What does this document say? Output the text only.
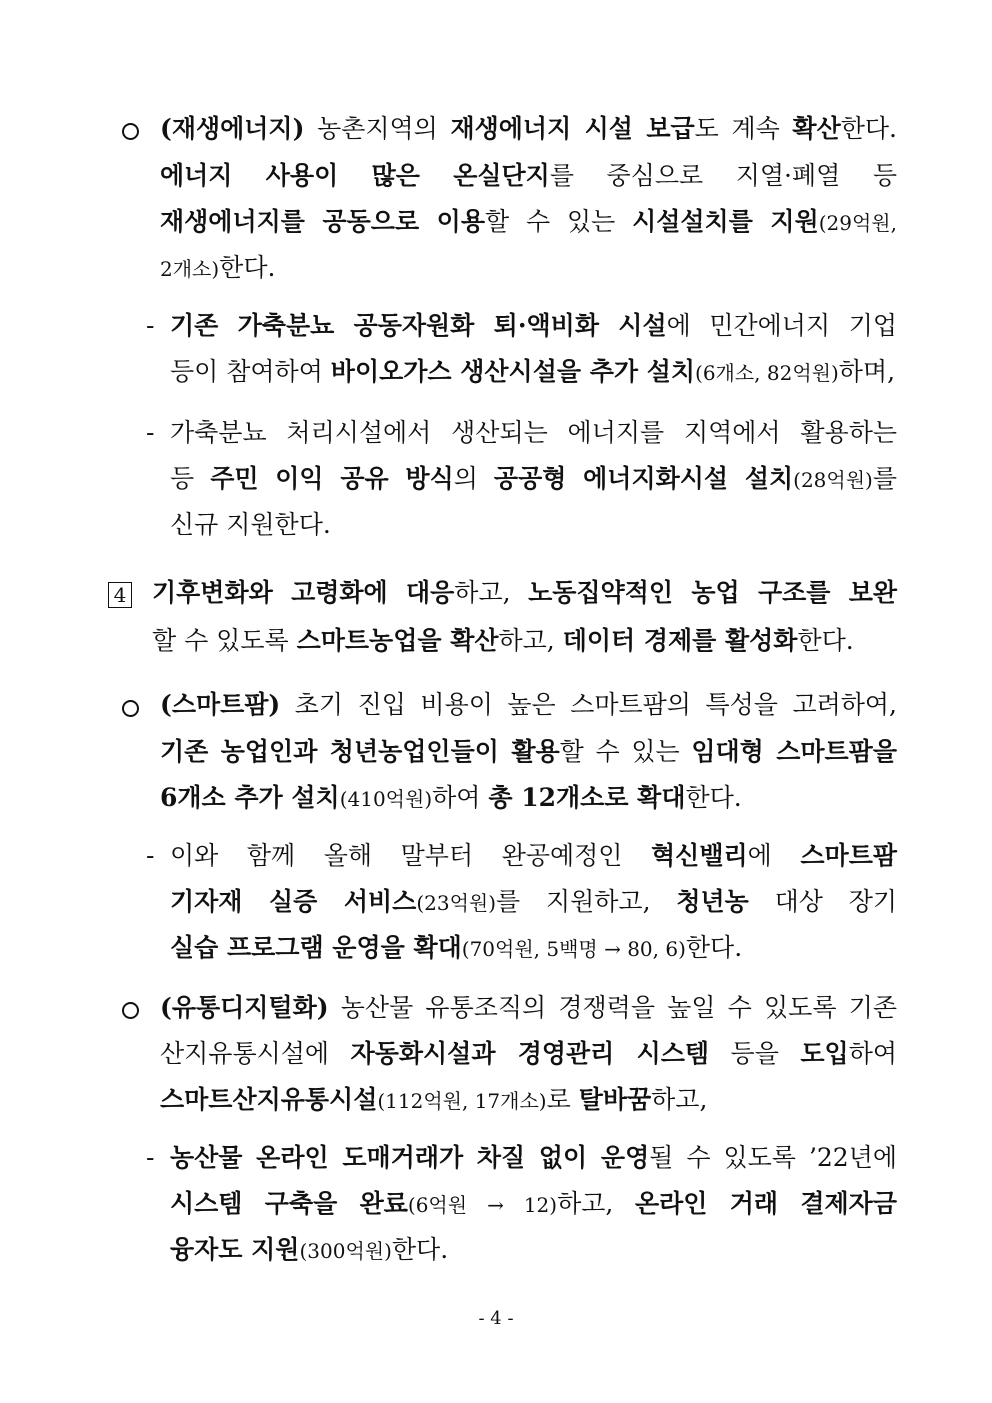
(재생에너지) 농촌지역의 재생에너지 시설 보급도 계속 확산한다.
에너지 사용이 많은 온실단지를 중심으로 지열·폐열 등
재생에너지를 공동으로 이용할 수 있는 시설설치를 지원(29억원,
2개소)한다.
- 기존 가축분뇨 공동자원화 퇴·액비화 시설에 민간에너지 기업
등이 참여하여 바이오가스 생산시설을 추가 설치(6개소, 82억원)하며,
- 가축분뇨 처리시설에서 생산되는 에너지를 지역에서 활용하는
등 주민 이익 공유 방식의 공공형 에너지화시설 설치(28억원)를
신규 지원한다.
4 기후변화와 고령화에 대응하고, 노동집약적인 농업 구조를 보완
할 수 있도록 스마트농업을 확산하고, 데이터 경제를 활성화한다.
(스마트팜) 초기 진입 비용이 높은 스마트팜의 특성을 고려하여,
기존 농업인과 청년농업인들이 활용할 수 있는 임대형 스마트팜을
6개소 추가 설치(410억원)하여 총 12개소로 확대한다.
- 이와 함께 올해 말부터 완공예정인 혁신밸리에 스마트팜
기자재 실증 서비스(23억원)를 지원하고, 청년농 대상 장기
실습 프로그램 운영을 확대(70억원, 5백명 → 80, 6)한다.
(유통디지털화) 농산물 유통조직의 경쟁력을 높일 수 있도록 기존
산지유통시설에 자동화시설과 경영관리 시스템 등을 도입하여
스마트산지유통시설(112억원, 17개소)로 탈바꿈하고,
- 농산물 온라인 도매거래가 차질 없이 운영될 수 있도록 ’22년에
시스템 구축을 완료(6억원 → 12)하고, 온라인 거래 결제자금
융자도 지원(300억원)한다.
- 4 -
